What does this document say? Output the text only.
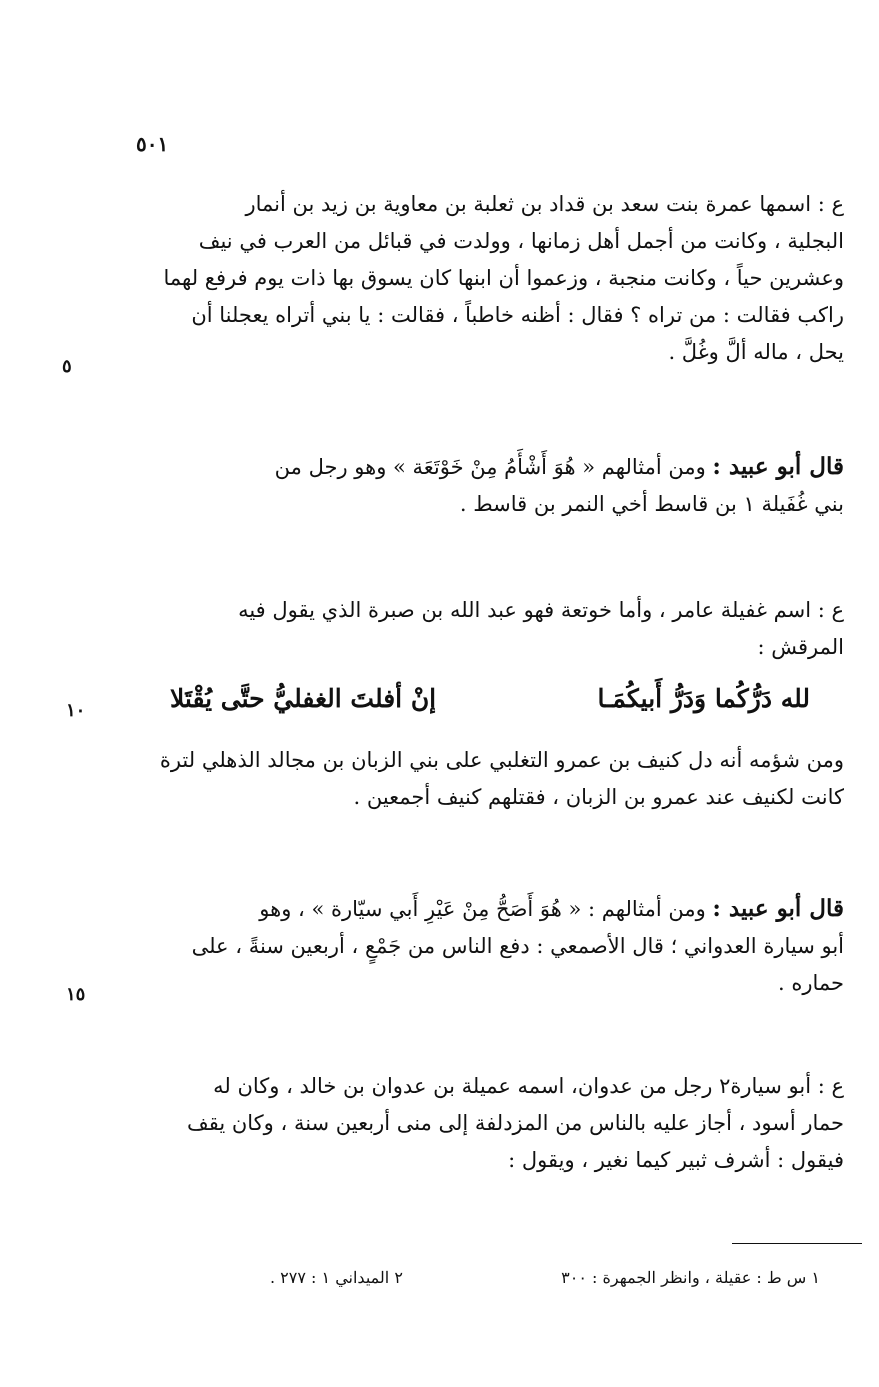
٥٠١
٥
١٠
١٥

ع : اسمها عمرة بنت سعد بن قداد بن ثعلبة بن معاوية بن زيد بن أنمار

البجلية ، وكانت من أجمل أهل زمانها ، وولدت في قبائل من العرب في نيف

وعشرين حياً ، وكانت منجبة ، وزعموا أن ابنها كان يسوق بها ذات يوم فرفع لهما

راكب فقالت : من تراه ؟ فقال : أظنه خاطباً ، فقالت : يا بني أتراه يعجلنا أن

يحل ، ماله ألَّ وغُلَّ .

قال أبو عبيد : ومن أمثالهم « هُوَ أَشْأَمُ مِنْ خَوْتَعَة » وهو رجل من

بني غُفَيلة ١ بن قاسط أخي النمر بن قاسط .

ع : اسم غفيلة عامر ، وأما خوتعة فهو عبد الله بن صبرة الذي يقول فيه

المرقش :

لله دَرُّكُما وَدَرُّ أَبيكُمَـا
إنْ أفلتَ الغفليُّ حتَّى يُقْتَلا

ومن شؤمه أنه دل كنيف بن عمرو التغلبي على بني الزبان بن مجالد الذهلي لترة

كانت لكنيف عند عمرو بن الزبان ، فقتلهم كنيف أجمعين .

قال أبو عبيد : ومن أمثالهم : « هُوَ أَصَحُّ مِنْ عَيْرِ أَبي سيّارة » ، وهو

أبو سيارة العدواني ؛ قال الأصمعي : دفع الناس من جَمْعٍ ، أربعين سنةً ، على

حماره .

ع : أبو سيارة٢ رجل من عدوان، اسمه عميلة بن عدوان بن خالد ، وكان له

حمار أسود ، أجاز عليه بالناس من المزدلفة إلى منى أربعين سنة ، وكان يقف

فيقول : أشرف ثبير كيما نغير ، ويقول :

١ س ط : عقيلة ، وانظر الجمهرة : ٣٠٠
٢ الميداني ١ : ٢٧٧ .
